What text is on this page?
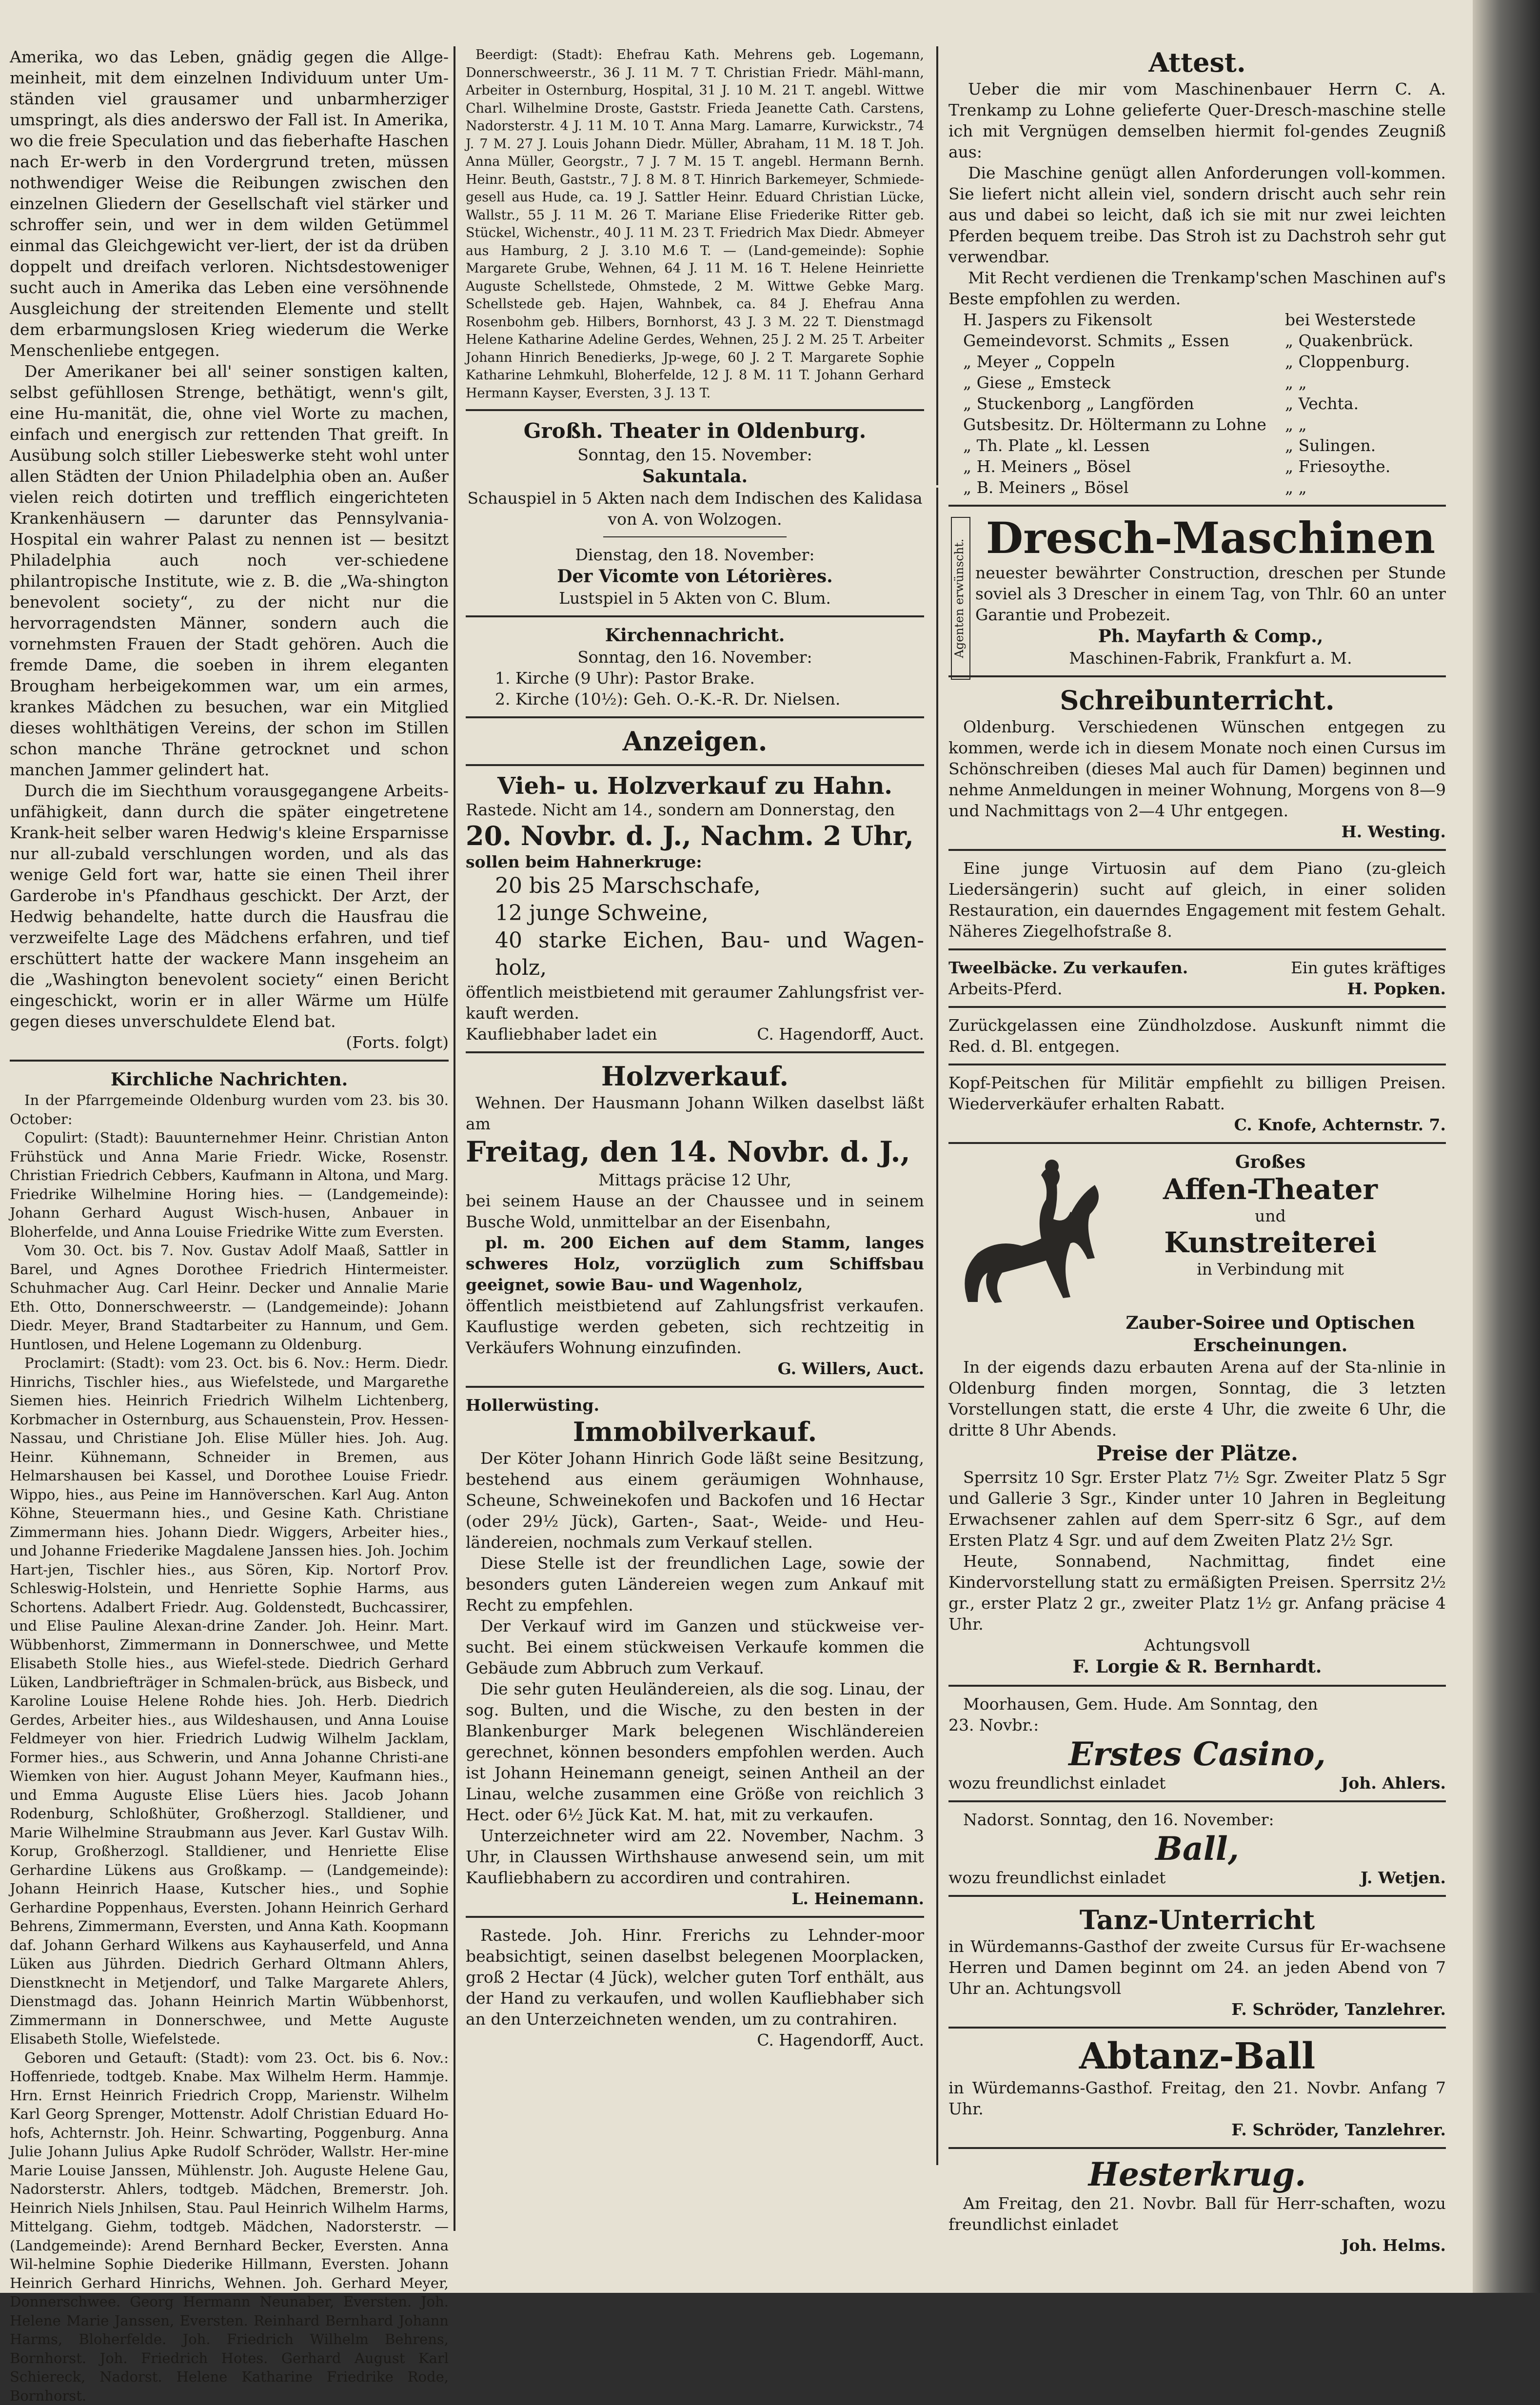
Amerika, wo das Leben, gnädig gegen die Allge-meinheit, mit dem einzelnen Individuum unter Um-ständen viel grausamer und unbarmherziger umspringt, als dies anderswo der Fall ist. In Amerika, wo die freie Speculation und das fieberhafte Haschen nach Er-werb in den Vordergrund treten, müssen nothwendiger Weise die Reibungen zwischen den einzelnen Gliedern der Gesellschaft viel stärker und schroffer sein, und wer in dem wilden Getümmel einmal das Gleichgewicht ver-liert, der ist da drüben doppelt und dreifach verloren. Nichtsdestoweniger sucht auch in Amerika das Leben eine versöhnende Ausgleichung der streitenden Elemente und stellt dem erbarmungslosen Krieg wiederum die Werke Menschenliebe entgegen.

Der Amerikaner bei all' seiner sonstigen kalten, selbst gefühllosen Strenge, bethätigt, wenn's gilt, eine Hu-manität, die, ohne viel Worte zu machen, einfach und energisch zur rettenden That greift. In Ausübung solch stiller Liebeswerke steht wohl unter allen Städten der Union Philadelphia oben an. Außer vielen reich dotirten und trefflich eingerichteten Krankenhäusern — darunter das Pennsylvania-Hospital ein wahrer Palast zu nennen ist — besitzt Philadelphia auch noch ver-schiedene philantropische Institute, wie z. B. die „Wa-shington benevolent society“, zu der nicht nur die hervorragendsten Männer, sondern auch die vornehmsten Frauen der Stadt gehören. Auch die fremde Dame, die soeben in ihrem eleganten Brougham herbeigekommen war, um ein armes, krankes Mädchen zu besuchen, war ein Mitglied dieses wohlthätigen Vereins, der schon im Stillen schon manche Thräne getrocknet und schon manchen Jammer gelindert hat.

Durch die im Siechthum vorausgegangene Arbeits-unfähigkeit, dann durch die später eingetretene Krank-heit selber waren Hedwig's kleine Ersparnisse nur all-zubald verschlungen worden, und als das wenige Geld fort war, hatte sie einen Theil ihrer Garderobe in's Pfandhaus geschickt. Der Arzt, der Hedwig behandelte, hatte durch die Hausfrau die verzweifelte Lage des Mädchens erfahren, und tief erschüttert hatte der wackere Mann insgeheim an die „Washington benevolent society“ einen Bericht eingeschickt, worin er in aller Wärme um Hülfe gegen dieses unverschuldete Elend bat.

(Forts. folgt)

Kirchliche Nachrichten.

In der Pfarrgemeinde Oldenburg wurden vom 23. bis 30. October:

Copulirt: (Stadt): Bauunternehmer Heinr. Christian Anton Frühstück und Anna Marie Friedr. Wicke, Rosenstr. Christian Friedrich Cebbers, Kaufmann in Altona, und Marg. Friedrike Wilhelmine Horing hies. — (Landgemeinde): Johann Gerhard August Wisch-husen, Anbauer in Bloherfelde, und Anna Louise Friedrike Witte zum Eversten.

Vom 30. Oct. bis 7. Nov. Gustav Adolf Maaß, Sattler in Barel, und Agnes Dorothee Friedrich Hintermeister. Schuhmacher Aug. Carl Heinr. Decker und Annalie Marie Eth. Otto, Donnerschweerstr. — (Landgemeinde): Johann Diedr. Meyer, Brand Stadtarbeiter zu Hannum, und Gem. Huntlosen, und Helene Logemann zu Oldenburg.

Proclamirt: (Stadt): vom 23. Oct. bis 6. Nov.: Herm. Diedr. Hinrichs, Tischler hies., aus Wiefelstede, und Margarethe Siemen hies. Heinrich Friedrich Wilhelm Lichtenberg, Korbmacher in Osternburg, aus Schauenstein, Prov. Hessen-Nassau, und Christiane Joh. Elise Müller hies. Joh. Aug. Heinr. Kühnemann, Schneider in Bremen, aus Helmarshausen bei Kassel, und Dorothee Louise Friedr. Wippo, hies., aus Peine im Hannöverschen. Karl Aug. Anton Köhne, Steuermann hies., und Gesine Kath. Christiane Zimmermann hies. Johann Diedr. Wiggers, Arbeiter hies., und Johanne Friederike Magdalene Janssen hies. Joh. Jochim Hart-jen, Tischler hies., aus Sören, Kip. Nortorf Prov. Schleswig-Holstein, und Henriette Sophie Harms, aus Schortens. Adalbert Friedr. Aug. Goldenstedt, Buchcassirer, und Elise Pauline Alexan-drine Zander. Joh. Heinr. Mart. Wübbenhorst, Zimmermann in Donnerschwee, und Mette Elisabeth Stolle hies., aus Wiefel-stede. Diedrich Gerhard Lüken, Landbriefträger in Schmalen-brück, aus Bisbeck, und Karoline Louise Helene Rohde hies. Joh. Herb. Diedrich Gerdes, Arbeiter hies., aus Wildeshausen, und Anna Louise Feldmeyer von hier. Friedrich Ludwig Wilhelm Jacklam, Former hies., aus Schwerin, und Anna Johanne Christi-ane Wiemken von hier. August Johann Meyer, Kaufmann hies., und Emma Auguste Elise Lüers hies. Jacob Johann Rodenburg, Schloßhüter, Großherzogl. Stalldiener, und Marie Wilhelmine Straubmann aus Jever. Karl Gustav Wilh. Korup, Großherzogl. Stalldiener, und Henriette Elise Gerhardine Lükens aus Großkamp. — (Landgemeinde): Johann Heinrich Haase, Kutscher hies., und Sophie Gerhardine Poppenhaus, Eversten. Johann Heinrich Gerhard Behrens, Zimmermann, Eversten, und Anna Kath. Koopmann daf. Johann Gerhard Wilkens aus Kayhauserfeld, und Anna Lüken aus Jührden. Diedrich Gerhard Oltmann Ahlers, Dienstknecht in Metjendorf, und Talke Margarete Ahlers, Dienstmagd das. Johann Heinrich Martin Wübbenhorst, Zimmermann in Donnerschwee, und Mette Auguste Elisabeth Stolle, Wiefelstede.

Geboren und Getauft: (Stadt): vom 23. Oct. bis 6. Nov.: Hoffenriede, todtgeb. Knabe. Max Wilhelm Herm. Hammje. Hrn. Ernst Heinrich Friedrich Cropp, Marienstr. Wilhelm Karl Georg Sprenger, Mottenstr. Adolf Christian Eduard Ho-hofs, Achternstr. Joh. Heinr. Schwarting, Poggenburg. Anna Julie Johann Julius Apke Rudolf Schröder, Wallstr. Her-mine Marie Louise Janssen, Mühlenstr. Joh. Auguste Helene Gau, Nadorsterstr. Ahlers, todtgeb. Mädchen, Bremerstr. Joh. Heinrich Niels Jnhilsen, Stau. Paul Heinrich Wilhelm Harms, Mittelgang. Giehm, todtgeb. Mädchen, Nadorsterstr. — (Landgemeinde): Arend Bernhard Becker, Eversten. Anna Wil-helmine Sophie Diederike Hillmann, Eversten. Johann Heinrich Gerhard Hinrichs, Wehnen. Joh. Gerhard Meyer, Donnerschwee. Georg Hermann Neunaber, Eversten. Joh. Helene Marie Janssen, Eversten. Reinhard Bernhard Johann Harms, Bloherfelde. Joh. Friedrich Wilhelm Behrens, Bornhorst. Joh. Friedrich Hotes. Gerhard August Karl Schiereck, Nadorst. Helene Katharine Friedrike Rode, Bornhorst.

Beerdigt: (Stadt): Ehefrau Kath. Mehrens geb. Logemann, Donnerschweerstr., 36 J. 11 M. 7 T. Christian Friedr. Mähl-mann, Arbeiter in Osternburg, Hospital, 31 J. 10 M. 21 T. angebl. Wittwe Charl. Wilhelmine Droste, Gaststr. Frieda Jeanette Cath. Carstens, Nadorsterstr. 4 J. 11 M. 10 T. Anna Marg. Lamarre, Kurwickstr., 74 J. 7 M. 27 J. Louis Johann Diedr. Müller, Abraham, 11 M. 18 T. Joh. Anna Müller, Georgstr., 7 J. 7 M. 15 T. angebl. Hermann Bernh. Heinr. Beuth, Gaststr., 7 J. 8 M. 8 T. Hinrich Barkemeyer, Schmiede-gesell aus Hude, ca. 19 J. Sattler Heinr. Eduard Christian Lücke, Wallstr., 55 J. 11 M. 26 T. Mariane Elise Friederike Ritter geb. Stückel, Wichenstr., 40 J. 11 M. 23 T. Friedrich Max Diedr. Abmeyer aus Hamburg, 2 J. 3.10 M.6 T. — (Land-gemeinde): Sophie Margarete Grube, Wehnen, 64 J. 11 M. 16 T. Helene Heinriette Auguste Schellstede, Ohmstede, 2 M. Wittwe Gebke Marg. Schellstede geb. Hajen, Wahnbek, ca. 84 J. Ehefrau Anna Rosenbohm geb. Hilbers, Bornhorst, 43 J. 3 M. 22 T. Dienstmagd Helene Katharine Adeline Gerdes, Wehnen, 25 J. 2 M. 25 T. Arbeiter Johann Hinrich Benedierks, Jp-wege, 60 J. 2 T. Margarete Sophie Katharine Lehmkuhl, Bloherfelde, 12 J. 8 M. 11 T. Johann Gerhard Hermann Kayser, Eversten, 3 J. 13 T.

Großh. Theater in Oldenburg.

Sonntag, den 15. November:

Sakuntala.

Schauspiel in 5 Akten nach dem Indischen des Kalidasa von A. von Wolzogen.

Dienstag, den 18. November:

Der Vicomte von Létorières.

Lustspiel in 5 Akten von C. Blum.

Kirchennachricht.

Sonntag, den 16. November:

1. Kirche (9 Uhr): Pastor Brake.

2. Kirche (10½): Geh. O.-K.-R. Dr. Nielsen.

Anzeigen.

Vieh- u. Holzverkauf zu Hahn.

Rastede. Nicht am 14., sondern am Donnerstag, den

20. Novbr. d. J., Nachm. 2 Uhr,

sollen beim Hahnerkruge:

20 bis 25 Marschschafe,

12 junge Schweine,

40 starke Eichen, Bau- und Wagen-holz,

öffentlich meistbietend mit geraumer Zahlungsfrist ver-kauft werden.

Kaufliebhaber ladet ein	C. Hagendorff, Auct.

Holzverkauf.

Wehnen. Der Hausmann Johann Wilken daselbst läßt am

Freitag, den 14. Novbr. d. J.,

Mittags präcise 12 Uhr,

bei seinem Hause an der Chaussee und in seinem Busche Wold, unmittelbar an der Eisenbahn,

pl. m. 200 Eichen auf dem Stamm, langes schweres Holz, vorzüglich zum Schiffsbau geeignet, sowie Bau- und Wagenholz,

öffentlich meistbietend auf Zahlungsfrist verkaufen. Kauflustige werden gebeten, sich rechtzeitig in Verkäufers Wohnung einzufinden.

G. Willers, Auct.

Hollerwüsting.

Immobilverkauf.

Der Köter Johann Hinrich Gode läßt seine Besitzung, bestehend aus einem geräumigen Wohnhause, Scheune, Schweinekofen und Backofen und 16 Hectar (oder 29½ Jück), Garten-, Saat-, Weide- und Heu-ländereien, nochmals zum Verkauf stellen.

Diese Stelle ist der freundlichen Lage, sowie der besonders guten Ländereien wegen zum Ankauf mit Recht zu empfehlen.

Der Verkauf wird im Ganzen und stückweise ver-sucht. Bei einem stückweisen Verkaufe kommen die Gebäude zum Abbruch zum Verkauf.

Die sehr guten Heuländereien, als die sog. Linau, der sog. Bulten, und die Wische, zu den besten in der Blankenburger Mark belegenen Wischländereien gerechnet, können besonders empfohlen werden. Auch ist Johann Heinemann geneigt, seinen Antheil an der Linau, welche zusammen eine Größe von reichlich 3 Hect. oder 6½ Jück Kat. M. hat, mit zu verkaufen.

Unterzeichneter wird am 22. November, Nachm. 3 Uhr, in Claussen Wirthshause anwesend sein, um mit Kaufliebhabern zu accordiren und contrahiren.

L. Heinemann.

Rastede. Joh. Hinr. Frerichs zu Lehnder-moor beabsichtigt, seinen daselbst belegenen Moorplacken, groß 2 Hectar (4 Jück), welcher guten Torf enthält, aus der Hand zu verkaufen, und wollen Kaufliebhaber sich an den Unterzeichneten wenden, um zu contrahiren.

C. Hagendorff, Auct.

Agenten erwünscht.

Attest.

Ueber die mir vom Maschinenbauer Herrn C. A. Trenkamp zu Lohne gelieferte Quer-Dresch-maschine stelle ich mit Vergnügen demselben hiermit fol-gendes Zeugniß aus:

Die Maschine genügt allen Anforderungen voll-kommen. Sie liefert nicht allein viel, sondern drischt auch sehr rein aus und dabei so leicht, daß ich sie mit nur zwei leichten Pferden bequem treibe. Das Stroh ist zu Dachstroh sehr gut verwendbar.

Mit Recht verdienen die Trenkamp'schen Maschinen auf's Beste empfohlen zu werden.

H. Jaspers zu Fikensolt	bei Westerstede
Gemeindevorst. Schmits „ Essen	„ Quakenbrück.
„ Meyer „ Coppeln	„ Cloppenburg.
„ Giese „ Emsteck	„ „
„ Stuckenborg „ Langförden	„ Vechta.
Gutsbesitz. Dr. Höltermann zu Lohne „ „
„ Th. Plate „ kl. Lessen	„ Sulingen.
„ H. Meiners „ Bösel	„ Friesoythe.
„ B. Meiners „ Bösel	„ „

Dresch-Maschinen

neuester bewährter Construction, dreschen per Stunde soviel als 3 Drescher in einem Tag, von Thlr. 60 an unter Garantie und Probezeit.

Ph. Mayfarth & Comp.,

Maschinen-Fabrik, Frankfurt a. M.

Schreibunterricht.

Oldenburg. Verschiedenen Wünschen entgegen zu kommen, werde ich in diesem Monate noch einen Cursus im Schönschreiben (dieses Mal auch für Damen) beginnen und nehme Anmeldungen in meiner Wohnung, Morgens von 8—9 und Nachmittags von 2—4 Uhr entgegen.

H. Westing.

Eine junge Virtuosin auf dem Piano (zu-gleich Liedersängerin) sucht auf gleich, in einer soliden Restauration, ein dauerndes Engagement mit festem Gehalt. Näheres Ziegelhofstraße 8.

Tweelbäcke. Zu verkaufen.	Ein gutes kräftiges
Arbeits-Pferd.	H. Popken.

Zurückgelassen eine Zündholzdose. Auskunft nimmt die Red. d. Bl. entgegen.

Kopf-Peitschen für Militär empfiehlt zu billigen Preisen. Wiederverkäufer erhalten Rabatt.

C. Knofe, Achternstr. 7.

Großes

Affen-Theater

und

Kunstreiterei

in Verbindung mit

Zauber-Soiree und Optischen

Erscheinungen.

In der eigends dazu erbauten Arena auf der Sta-nlinie in Oldenburg finden morgen, Sonntag, die 3 letzten Vorstellungen statt, die erste 4 Uhr, die zweite 6 Uhr, die dritte 8 Uhr Abends.

Preise der Plätze.

Sperrsitz 10 Sgr. Erster Platz 7½ Sgr. Zweiter Platz 5 Sgr und Gallerie 3 Sgr., Kinder unter 10 Jahren in Begleitung Erwachsener zahlen auf dem Sperr-sitz 6 Sgr., auf dem Ersten Platz 4 Sgr. und auf dem Zweiten Platz 2½ Sgr.

Heute, Sonnabend, Nachmittag, findet eine Kindervorstellung statt zu ermäßigten Preisen. Sperrsitz 2½ gr., erster Platz 2 gr., zweiter Platz 1½ gr. Anfang präcise 4 Uhr.

Achtungsvoll

F. Lorgie & R. Bernhardt.

Moorhausen, Gem. Hude. Am Sonntag, den

23. Novbr.:

Erstes Casino,

wozu freundlichst einladet	Joh. Ahlers.

Nadorst. Sonntag, den 16. November:

Ball,

wozu freundlichst einladet	J. Wetjen.

Tanz-Unterricht

in Würdemanns-Gasthof der zweite Cursus für Er-wachsene Herren und Damen beginnt om 24. an jeden Abend von 7 Uhr an. Achtungsvoll

F. Schröder, Tanzlehrer.

Abtanz-Ball

in Würdemanns-Gasthof. Freitag, den 21. Novbr. Anfang 7 Uhr.

F. Schröder, Tanzlehrer.

Hesterkrug.

Am Freitag, den 21. Novbr. Ball für Herr-schaften, wozu freundlichst einladet

Joh. Helms.
